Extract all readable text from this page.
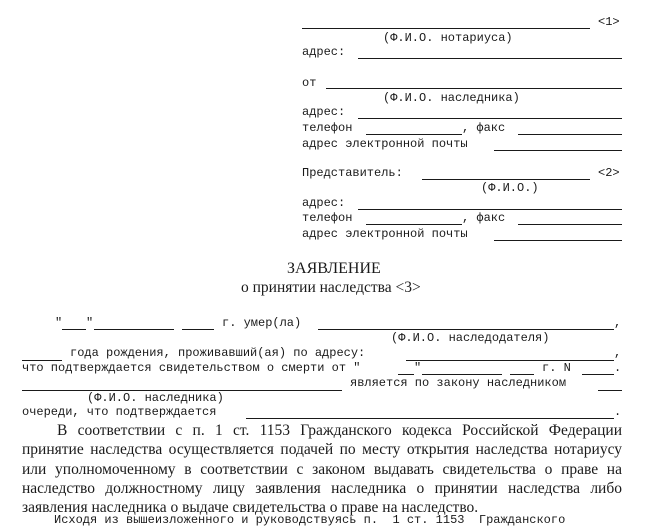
<1>
(Ф.И.О. нотариуса)
адрес:
от
(Ф.И.О. наследника)
адрес:
телефон	, факс
адрес электронной почты
Представитель:	<2>
(Ф.И.О.)
адрес:
телефон	, факс
адрес электронной почты
ЗАЯВЛЕНИЕ
о принятии наследства <3>
" "	г. умер(ла)	,
(Ф.И.О. наследодателя)
года рождения, проживавший(ая) по адресу:	,
что подтверждается свидетельством о смерти от "	"	г. N	.
является по закону наследником
(Ф.И.О. наследника)
очереди, что подтверждается	.
В соответствии с п. 1 ст. 1153 Гражданского кодекса Российской Федерации
принятие наследства осуществляется подачей по месту открытия наследства нотариусу
или уполномоченному в соответствии с законом выдавать свидетельства о праве на
наследство должностному лицу заявления наследника о принятии наследства либо
заявления наследника о выдаче свидетельства о праве на наследство.
Исходя из вышеизложенного и руководствуясь п.  1 ст. 1153  Гражданского
